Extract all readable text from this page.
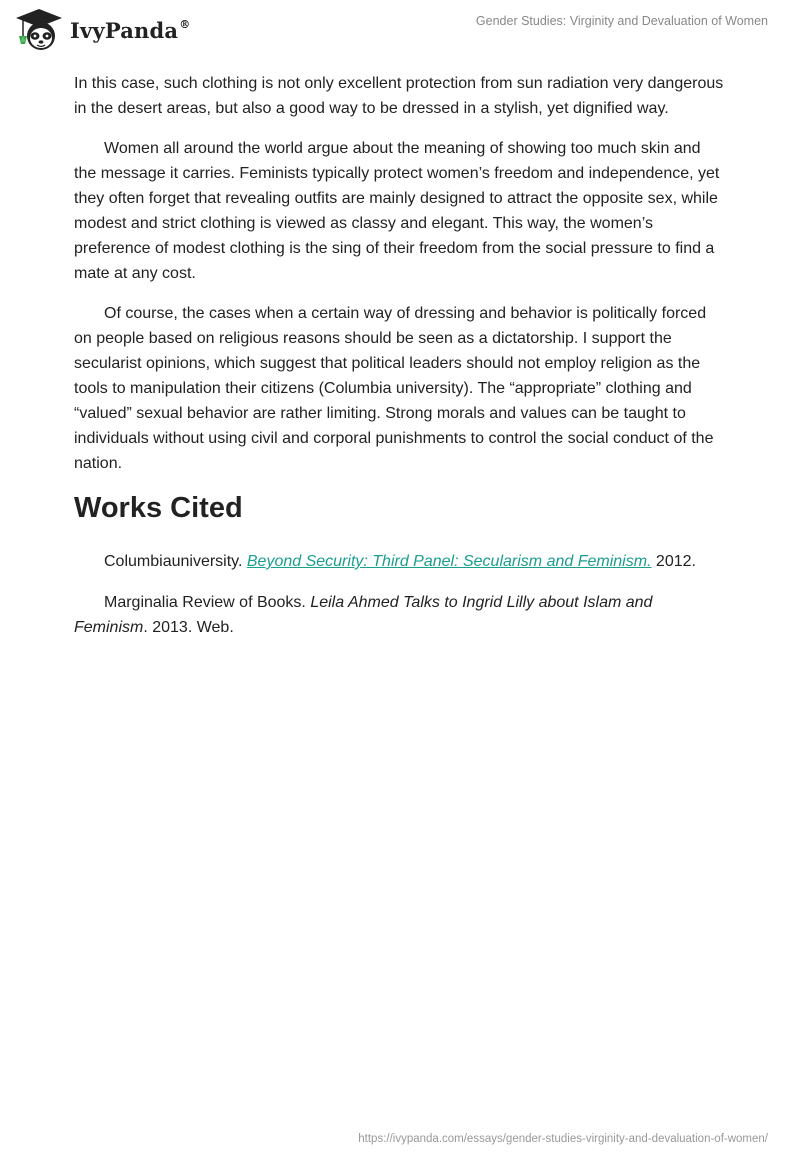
IvyPanda®	Gender Studies: Virginity and Devaluation of Women

In this case, such clothing is not only excellent protection from sun radiation very dangerous in the desert areas, but also a good way to be dressed in a stylish, yet dignified way.

Women all around the world argue about the meaning of showing too much skin and the message it carries. Feminists typically protect women’s freedom and independence, yet they often forget that revealing outfits are mainly designed to attract the opposite sex, while modest and strict clothing is viewed as classy and elegant. This way, the women’s preference of modest clothing is the sing of their freedom from the social pressure to find a mate at any cost.

Of course, the cases when a certain way of dressing and behavior is politically forced on people based on religious reasons should be seen as a dictatorship. I support the secularist opinions, which suggest that political leaders should not employ religion as the tools to manipulation their citizens (Columbia university). The “appropriate” clothing and “valued” sexual behavior are rather limiting. Strong morals and values can be taught to individuals without using civil and corporal punishments to control the social conduct of the nation.

Works Cited
Columbiauniversity. Beyond Security: Third Panel: Secularism and Feminism. 2012.
Marginalia Review of Books. Leila Ahmed Talks to Ingrid Lilly about Islam and Feminism. 2013. Web.
https://ivypanda.com/essays/gender-studies-virginity-and-devaluation-of-women/
